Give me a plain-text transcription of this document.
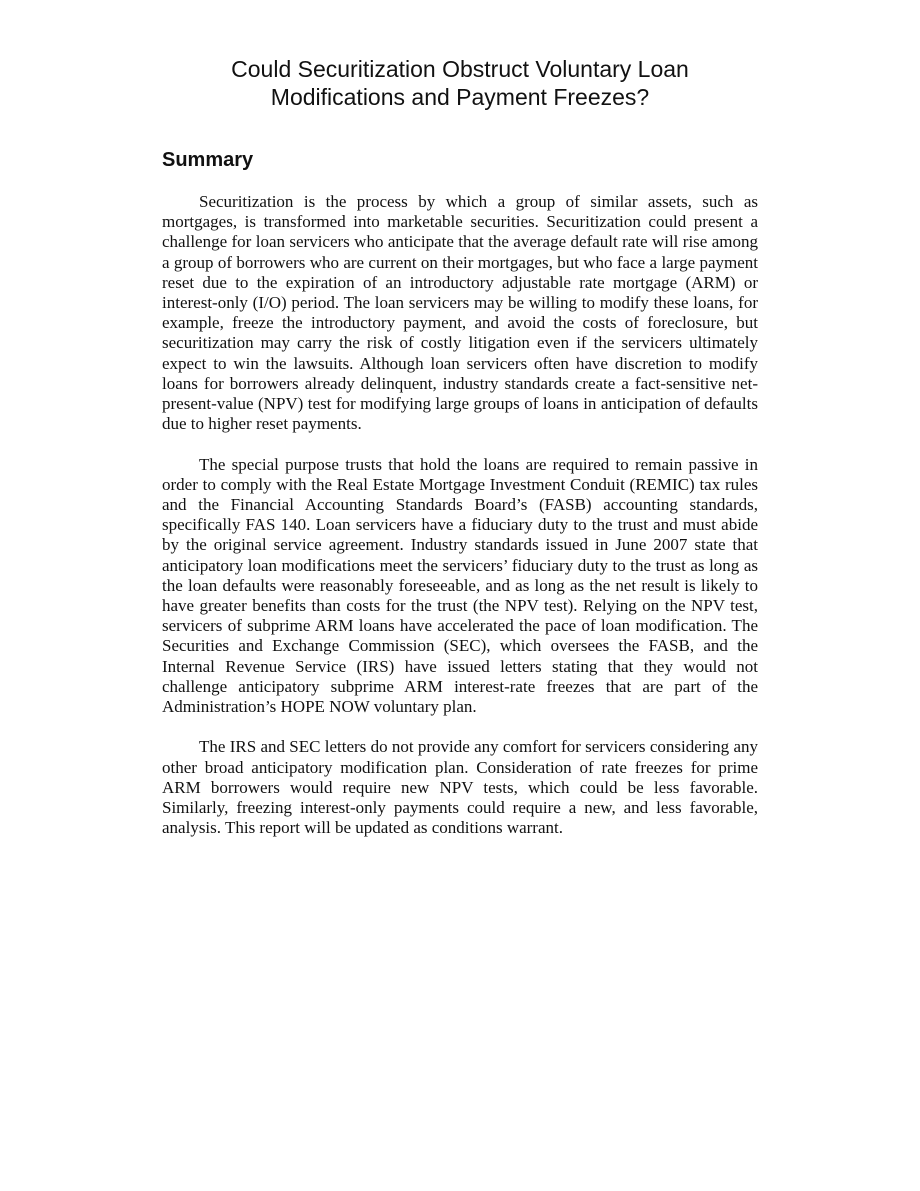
Could Securitization Obstruct Voluntary Loan
Modifications and Payment Freezes?
Summary

Securitization is the process by which a group of similar assets, such as mortgages, is transformed into marketable securities. Securitization could present a challenge for loan servicers who anticipate that the average default rate will rise among a group of borrowers who are current on their mortgages, but who face a large payment reset due to the expiration of an introductory adjustable rate mortgage (ARM) or interest-only (I/O) period. The loan servicers may be willing to modify these loans, for example, freeze the introductory payment, and avoid the costs of foreclosure, but securitization may carry the risk of costly litigation even if the servicers ultimately expect to win the lawsuits. Although loan servicers often have discretion to modify loans for borrowers already delinquent, industry standards create a fact-sensitive net-present-value (NPV) test for modifying large groups of loans in anticipation of defaults due to higher reset payments.

The special purpose trusts that hold the loans are required to remain passive in order to comply with the Real Estate Mortgage Investment Conduit (REMIC) tax rules and the Financial Accounting Standards Board’s (FASB) accounting standards, specifically FAS 140. Loan servicers have a fiduciary duty to the trust and must abide by the original service agreement. Industry standards issued in June 2007 state that anticipatory loan modifications meet the servicers’ fiduciary duty to the trust as long as the loan defaults were reasonably foreseeable, and as long as the net result is likely to have greater benefits than costs for the trust (the NPV test). Relying on the NPV test, servicers of subprime ARM loans have accelerated the pace of loan modification. The Securities and Exchange Commission (SEC), which oversees the FASB, and the Internal Revenue Service (IRS) have issued letters stating that they would not challenge anticipatory subprime ARM interest-rate freezes that are part of the Administration’s HOPE NOW voluntary plan.

The IRS and SEC letters do not provide any comfort for servicers considering any other broad anticipatory modification plan. Consideration of rate freezes for prime ARM borrowers would require new NPV tests, which could be less favorable. Similarly, freezing interest-only payments could require a new, and less favorable, analysis. This report will be updated as conditions warrant.
